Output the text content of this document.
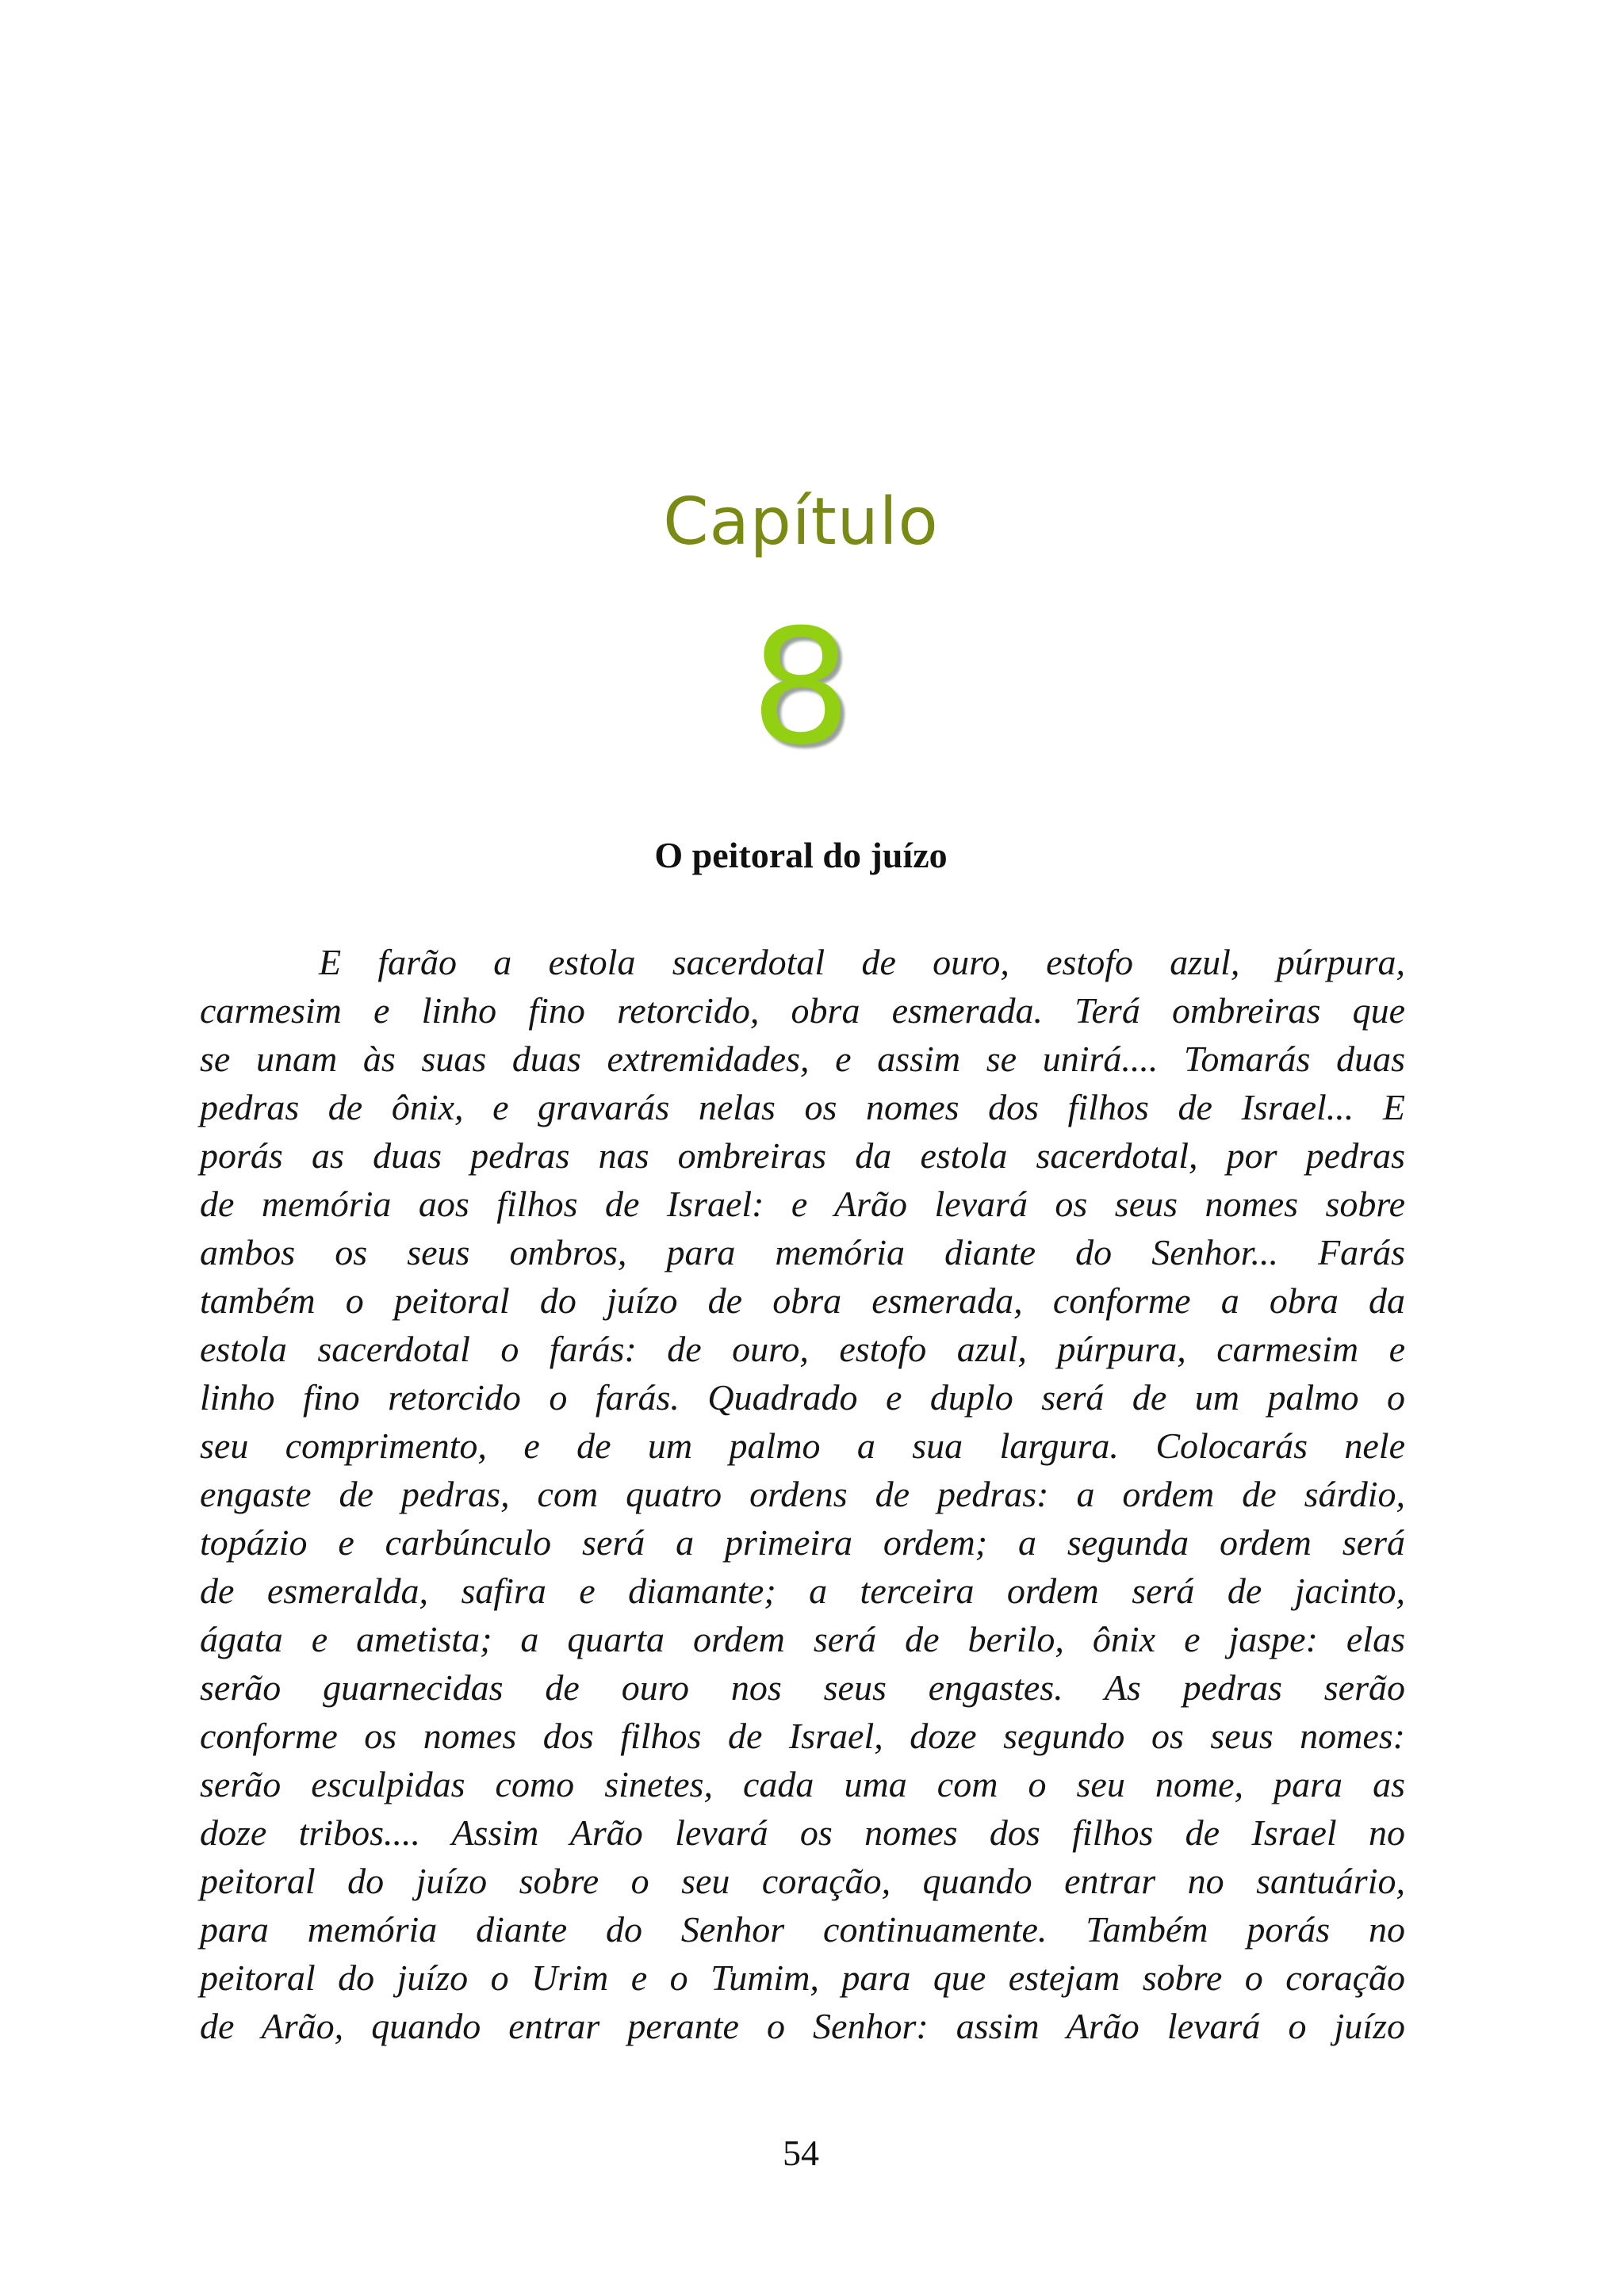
Capítulo
8
O peitoral do juízo
E farão a estola sacerdotal de ouro, estofo azul, púrpura,
carmesim e linho fino retorcido, obra esmerada. Terá ombreiras que
se unam às suas duas extremidades, e assim se unirá.... Tomarás duas
pedras de ônix, e gravarás nelas os nomes dos filhos de Israel... E
porás as duas pedras nas ombreiras da estola sacerdotal, por pedras
de memória aos filhos de Israel: e Arão levará os seus nomes sobre
ambos os seus ombros, para memória diante do Senhor... Farás
também o peitoral do juízo de obra esmerada, conforme a obra da
estola sacerdotal o farás: de ouro, estofo azul, púrpura, carmesim e
linho fino retorcido o farás. Quadrado e duplo será de um palmo o
seu comprimento, e de um palmo a sua largura. Colocarás nele
engaste de pedras, com quatro ordens de pedras: a ordem de sárdio,
topázio e carbúnculo será a primeira ordem; a segunda ordem será
de esmeralda, safira e diamante; a terceira ordem será de jacinto,
ágata e ametista; a quarta ordem será de berilo, ônix e jaspe: elas
serão guarnecidas de ouro nos seus engastes. As pedras serão
conforme os nomes dos filhos de Israel, doze segundo os seus nomes:
serão esculpidas como sinetes, cada uma com o seu nome, para as
doze tribos.... Assim Arão levará os nomes dos filhos de Israel no
peitoral do juízo sobre o seu coração, quando entrar no santuário,
para memória diante do Senhor continuamente. Também porás no
peitoral do juízo o Urim e o Tumim, para que estejam sobre o coração
de Arão, quando entrar perante o Senhor: assim Arão levará o juízo
54
